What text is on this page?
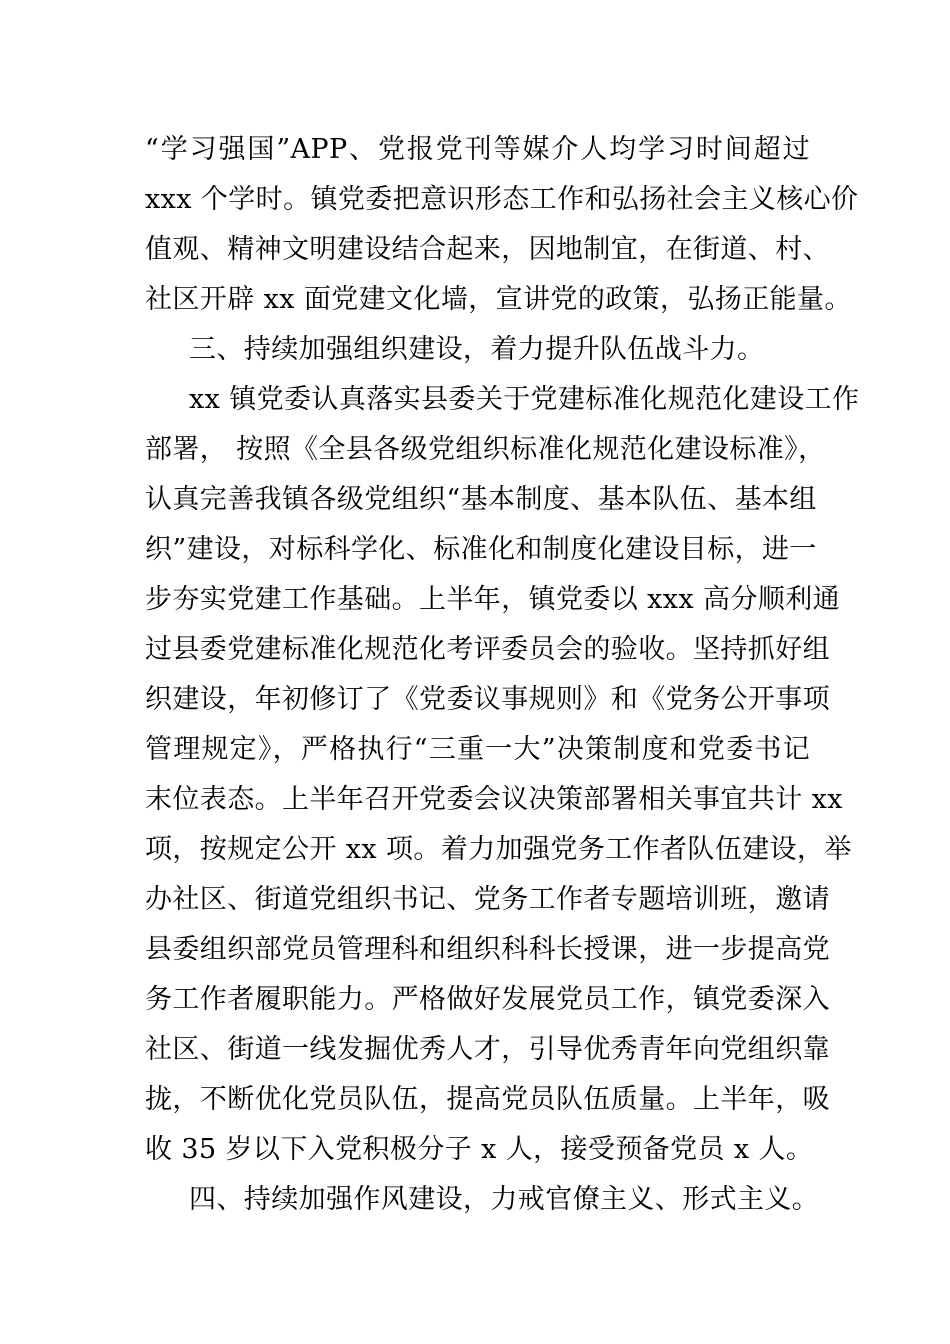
“学习强国”APP、党报党刊等媒介人均学习时间超过
xxx 个学时。镇党委把意识形态工作和弘扬社会主义核心价
值观、精神文明建设结合起来，因地制宜，在街道、村、
社区开辟 xx 面党建文化墙，宣讲党的政策，弘扬正能量。
三、持续加强组织建设，着力提升队伍战斗力。
xx 镇党委认真落实县委关于党建标准化规范化建设工作
部署， 按照《全县各级党组织标准化规范化建设标准》，
认真完善我镇各级党组织“基本制度、基本队伍、基本组
织”建设，对标科学化、标准化和制度化建设目标，进一
步夯实党建工作基础。上半年，镇党委以 xxx 高分顺利通
过县委党建标准化规范化考评委员会的验收。坚持抓好组
织建设，年初修订了《党委议事规则》和《党务公开事项
管理规定》，严格执行“三重一大”决策制度和党委书记
末位表态。上半年召开党委会议决策部署相关事宜共计 xx
项，按规定公开 xx 项。着力加强党务工作者队伍建设，举
办社区、街道党组织书记、党务工作者专题培训班，邀请
县委组织部党员管理科和组织科科长授课，进一步提高党
务工作者履职能力。严格做好发展党员工作，镇党委深入
社区、街道一线发掘优秀人才，引导优秀青年向党组织靠
拢，不断优化党员队伍，提高党员队伍质量。上半年，吸
收 35 岁以下入党积极分子 x 人，接受预备党员 x 人。
四、持续加强作风建设，力戒官僚主义、形式主义。
